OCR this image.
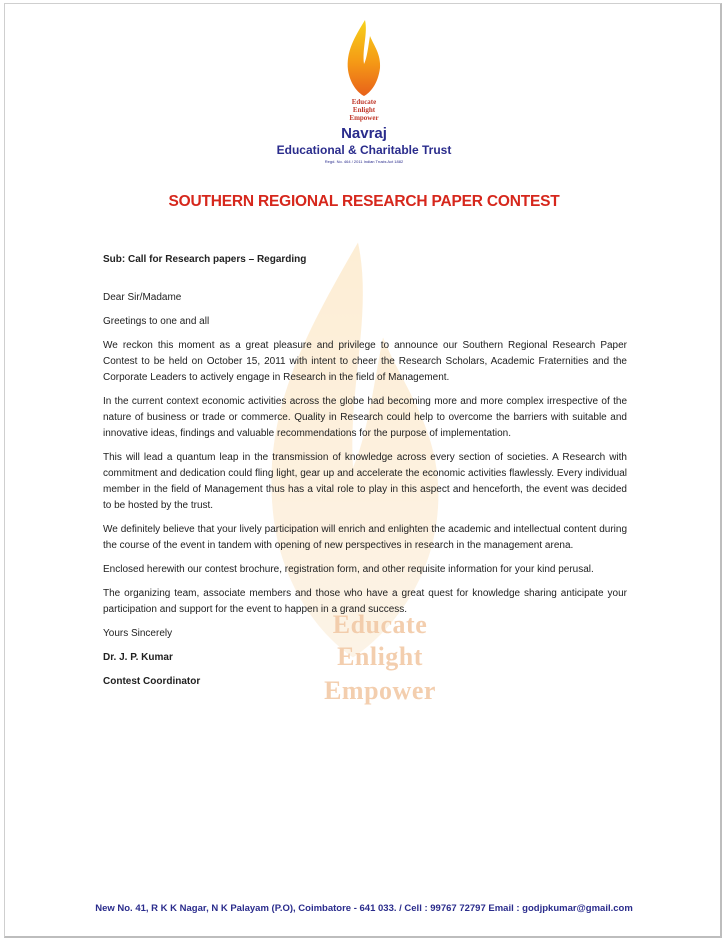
Educate
Enlight
Empower
Educate
Enlight
Empower
Navraj
Educational & Charitable Trust
Regd. No. 464 / 2011 Indian Trusts Act 1882
SOUTHERN REGIONAL RESEARCH PAPER CONTEST

Sub: Call for Research papers – Regarding

Dear Sir/Madame

Greetings to one and all

We reckon this moment as a great pleasure and privilege to announce our Southern Regional Research Paper Contest to be held on October 15, 2011 with intent to cheer the Research Scholars, Academic Fraternities and the Corporate Leaders to actively engage in Research in the field of Management.

In the current context economic activities across the globe had becoming more and more complex irrespective of the nature of business or trade or commerce. Quality in Research could help to overcome the barriers with suitable and innovative ideas, findings and valuable recommendations for the purpose of implementation.

This will lead a quantum leap in the transmission of knowledge across every section of societies. A Research with commitment and dedication could fling light, gear up and accelerate the economic activities flawlessly. Every individual member in the field of Management thus has a vital role to play in this aspect and henceforth, the event was decided to be hosted by the trust.

We definitely believe that your lively participation will enrich and enlighten the academic and intellectual content during the course of the event in tandem with opening of new perspectives in research in the management arena.

Enclosed herewith our contest brochure, registration form, and other requisite information for your kind perusal.

The organizing team, associate members and those who have a great quest for knowledge sharing anticipate your participation and support for the event to happen in a grand success.

Yours Sincerely

Dr. J. P. Kumar

Contest Coordinator

New No. 41, R K K Nagar, N K Palayam (P.O), Coimbatore - 641 033. / Cell : 99767 72797 Email : godjpkumar@gmail.com
